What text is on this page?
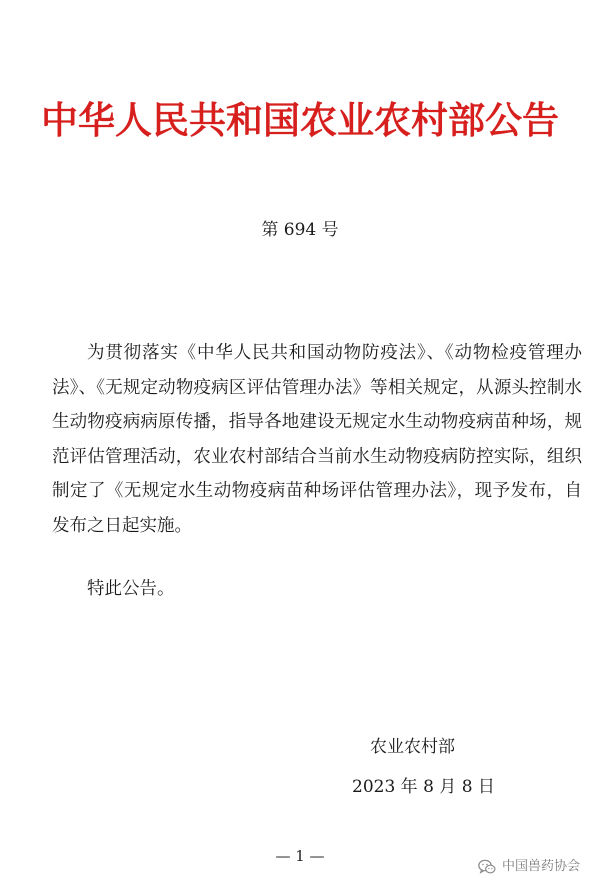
中华人民共和国农业农村部公告
第 694 号

为贯彻落实《中华人民共和国动物防疫法》、《动物检疫管理办法》、《无规定动物疫病区评估管理办法》等相关规定，从源头控制水生动物疫病病原传播，指导各地建设无规定水生动物疫病苗种场，规范评估管理活动，农业农村部结合当前水生动物疫病防控实际，组织制定了《无规定水生动物疫病苗种场评估管理办法》，现予发布，自发布之日起实施。

特此公告。
农业农村部
2023 年 8 月 8 日
— 1 —
中国兽药协会
